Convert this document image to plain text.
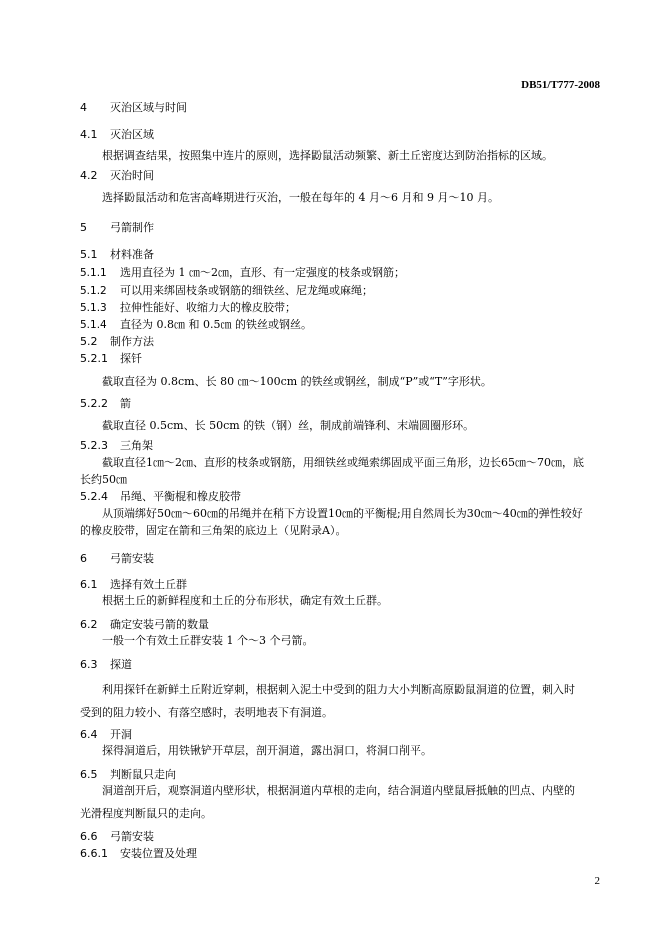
DB51/T777-2008
4 灭治区域与时间
4.1 灭治区域
根据调查结果，按照集中连片的原则，选择鼢鼠活动频繁、新土丘密度达到防治指标的区域。
4.2 灭治时间
选择鼢鼠活动和危害高峰期进行灭治，一般在每年的 4 月～6 月和 9 月～10 月。
5 弓箭制作
5.1 材料准备
5.1.1 选用直径为 1 ㎝～2㎝，直形、有一定强度的枝条或钢筋；
5.1.2 可以用来绑固枝条或钢筋的细铁丝、尼龙绳或麻绳；
5.1.3 拉伸性能好、收缩力大的橡皮胶带；
5.1.4 直径为 0.8㎝ 和 0.5㎝ 的铁丝或钢丝。
5.2 制作方法
5.2.1 探钎
截取直径为 0.8cm、长 80 ㎝～100cm 的铁丝或钢丝，制成“P”或“T”字形状。
5.2.2 箭
截取直径 0.5cm、长 50cm 的铁（钢）丝，制成前端锋利、末端圆圈形环。
5.2.3 三角架
截取直径1㎝～2㎝、直形的枝条或钢筋，用细铁丝或绳索绑固成平面三角形，边长65㎝～70㎝，底
长约50㎝
5.2.4 吊绳、平衡棍和橡皮胶带
从顶端绑好50㎝～60㎝的吊绳并在稍下方设置10㎝的平衡棍;用自然周长为30㎝～40㎝的弹性较好
的橡皮胶带，固定在箭和三角架的底边上（见附录A）。
6 弓箭安装
6.1 选择有效土丘群
根据土丘的新鲜程度和土丘的分布形状，确定有效土丘群。
6.2 确定安装弓箭的数量
一般一个有效土丘群安装 1 个～3 个弓箭。
6.3 探道
利用探钎在新鲜土丘附近穿刺，根据刺入泥土中受到的阻力大小判断高原鼢鼠洞道的位置，刺入时
受到的阻力较小、有落空感时，表明地表下有洞道。
6.4 开洞
探得洞道后，用铁锹铲开草层，剖开洞道，露出洞口，将洞口削平。
6.5 判断鼠只走向
洞道剖开后，观察洞道内壁形状，根据洞道内草根的走向，结合洞道内壁鼠唇抵触的凹点、内壁的
光滑程度判断鼠只的走向。
6.6 弓箭安装
6.6.1 安装位置及处理
2
